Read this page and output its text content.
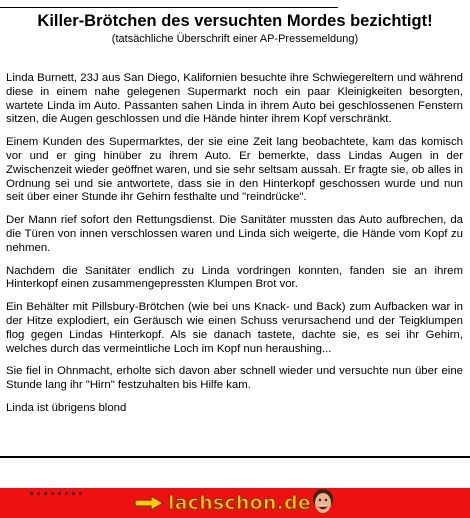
Killer-Brötchen des versuchten Mordes bezichtigt!
(tatsächliche Überschrift einer AP-Pressemeldung)

Linda Burnett, 23J aus San Diego, Kalifornien besuchte ihre Schwiegereltern und während diese in einem nahe gelegenen Supermarkt noch ein paar Kleinigkeiten besorgten, wartete Linda im Auto. Passanten sahen Linda in ihrem Auto bei geschlossenen Fenstern sitzen, die Augen geschlossen und die Hände hinter ihrem Kopf verschränkt.

Einem Kunden des Supermarktes, der sie eine Zeit lang beobachtete, kam das komisch vor und er ging hinüber zu ihrem Auto. Er bemerkte, dass Lindas Augen in der Zwischenzeit wieder geöffnet waren, und sie sehr seltsam aussah. Er fragte sie, ob alles in Ordnung sei und sie antwortete, dass sie in den Hinterkopf geschossen wurde und nun seit über einer Stunde ihr Gehirn festhalte und "reindrücke".

Der Mann rief sofort den Rettungsdienst. Die Sanitäter mussten das Auto aufbrechen, da die Türen von innen verschlossen waren und Linda sich weigerte, die Hände vom Kopf zu nehmen.

Nachdem die Sanitäter endlich zu Linda vordringen konnten, fanden sie an ihrem Hinterkopf einen zusammengepressten Klumpen Brot vor.

Ein Behälter mit Pillsbury-Brötchen (wie bei uns Knack- und Back) zum Aufbacken war in der Hitze explodiert, ein Geräusch wie einen Schuss verursachend und der Teigklumpen flog gegen Lindas Hinterkopf. Als sie danach tastete, dachte sie, es sei ihr Gehirn, welches durch das vermeintliche Loch im Kopf nun heraushing...

Sie fiel in Ohnmacht, erholte sich davon aber schnell wieder und versuchte nun über eine Stunde lang ihr "Hirn" festzuhalten bis Hilfe kam.

Linda ist übrigens blond

lachschon.de
